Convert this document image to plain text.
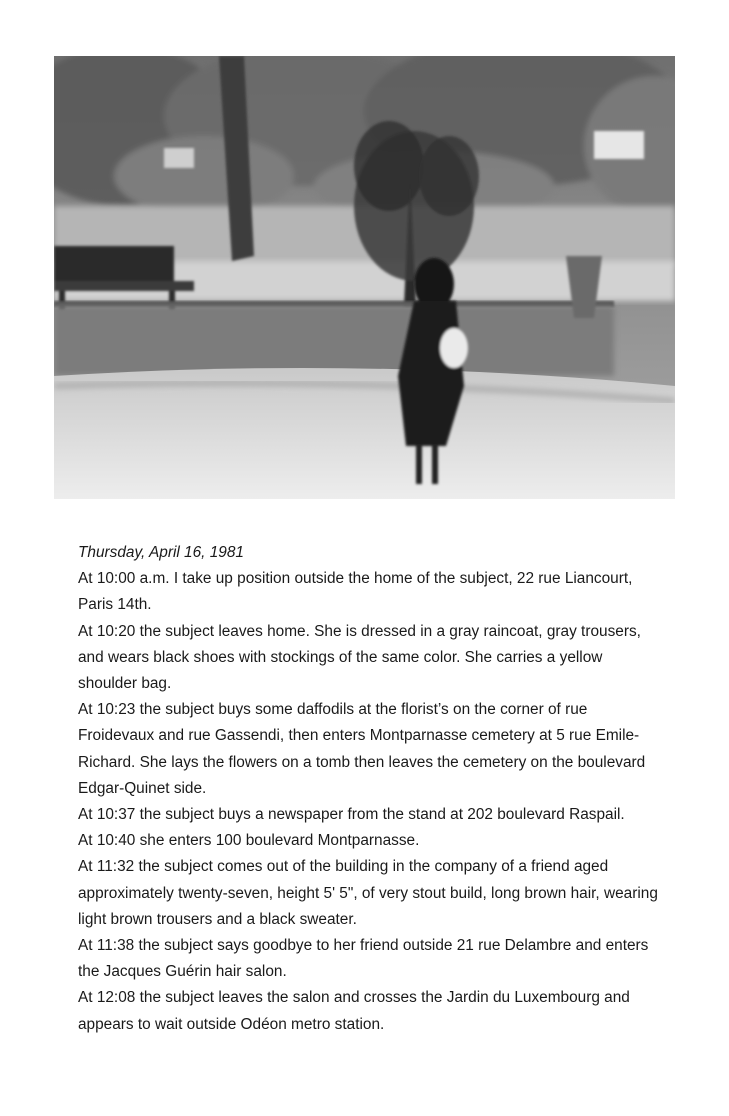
Thursday, April 16, 1981

At 10:00 a.m. I take up position outside the home of the subject, 22 rue Liancourt, Paris 14th.

At 10:20 the subject leaves home. She is dressed in a gray raincoat, gray trousers, and wears black shoes with stockings of the same color. She carries a yellow shoulder bag.

At 10:23 the subject buys some daffodils at the florist’s on the corner of rue Froidevaux and rue Gassendi, then enters Montparnasse cemetery at 5 rue Emile-Richard. She lays the flowers on a tomb then leaves the cemetery on the boulevard Edgar-Quinet side.

At 10:37 the subject buys a newspaper from the stand at 202 boulevard Raspail.

At 10:40 she enters 100 boulevard Montparnasse.

At 11:32 the subject comes out of the building in the company of a friend aged approximately twenty-seven, height 5' 5", of very stout build, long brown hair, wearing light brown trousers and a black sweater.

At 11:38 the subject says goodbye to her friend outside 21 rue Delambre and enters the Jacques Guérin hair salon.

At 12:08 the subject leaves the salon and crosses the Jardin du Luxembourg and appears to wait outside Odéon metro station.
